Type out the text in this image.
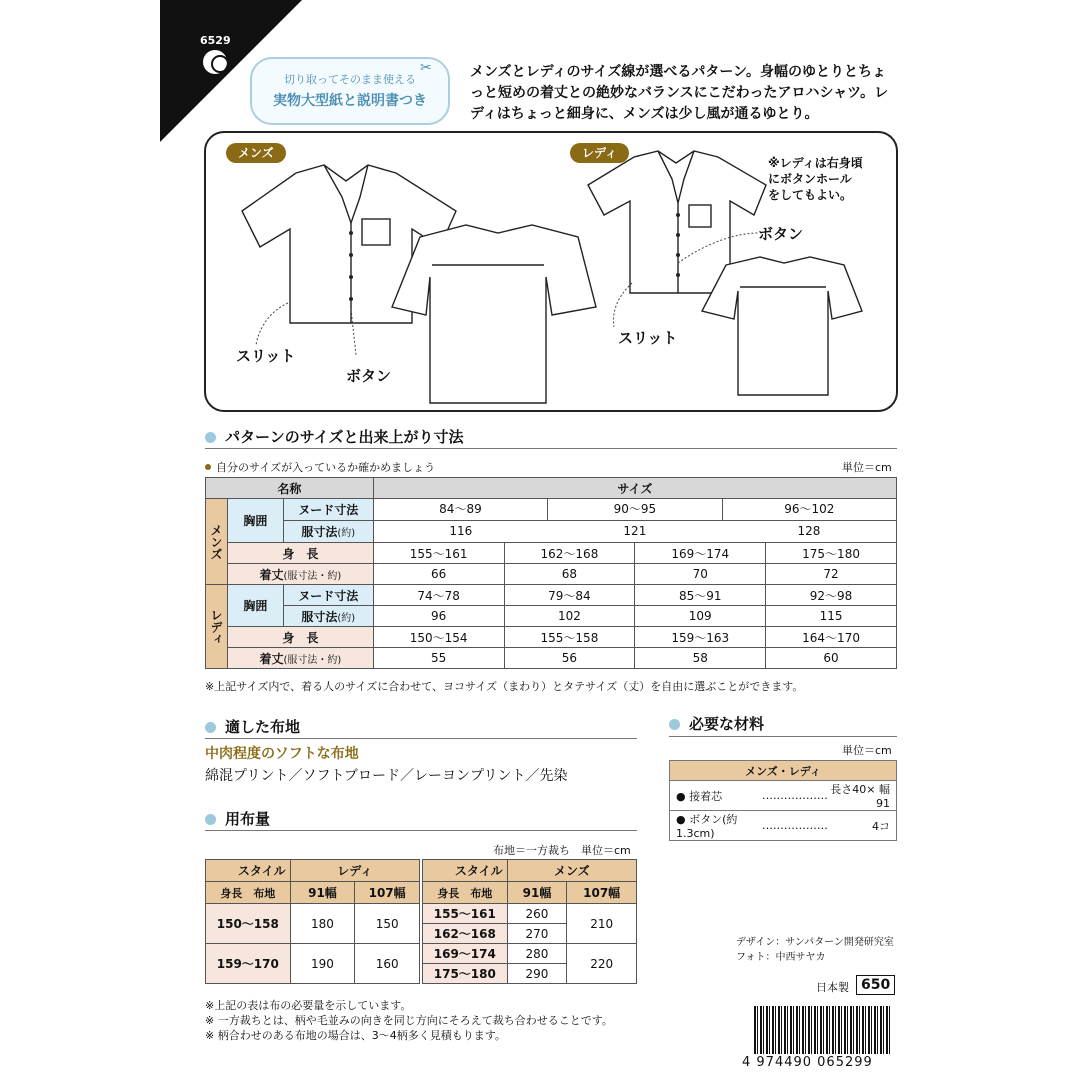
6529
切り取ってそのまま使える
実物大型紙と説明書つき
✂	メンズとレディのサイズ線が選べるパターン。身幅のゆとりとちょっと短めの着丈との絶妙なバランスにこだわったアロハシャツ。レディはちょっと細身に、メンズは少し風が通るゆとり。
メンズ	レディ
※レディは右身頃
にボタンホール
をしてもよい。
スリット
ボタン
ボタン
スリット
パターンのサイズと出来上がり寸法
自分のサイズが入っているか確かめましょう	単位＝cm
名称			サイズ			
メンズ	胸囲	ヌード寸法	84〜89 90〜95 96〜102			

		服寸法(約)	116 121 128			

	身　長		155〜161	162〜168	169〜174	175〜180
	着丈(服寸法・約)		66	68	70	72
レディ	胸囲	ヌード寸法	74〜78	79〜84	85〜91	92〜98
		服寸法(約)	96	102	109	115
	身　長		150〜154	155〜158	159〜163	164〜170
	着丈(服寸法・約)		55	56	58	60
※上記サイズ内で、着る人のサイズに合わせて、ヨコサイズ（まわり）とタテサイズ（丈）を自由に選ぶことができます。
適した布地
中肉程度のソフトな布地
綿混プリント／ソフトブロード／レーヨンプリント／先染
必要な材料
単位＝cm
メンズ・レディ		
● 接着芯	………………	長さ40× 幅91
● ボタン(約1.3cm)	………………	4コ
用布量
布地＝一方裁ち　単位＝cm
スタイル	レディ	
身長　 布地	91幅	107幅
150〜158	180	150
159〜170	190	160
スタイル	メンズ	
身長　 布地	91幅	107幅
155〜161	260	210
162〜168	270	
169〜174	280	220
175〜180	290	
※上記の表は布の必要量を示しています。
※ 一方裁ちとは、柄や毛並みの向きを同じ方向にそろえて裁ち合わせることです。
※ 柄合わせのある布地の場合は、3〜4柄多く見積もります。
デザイン：サンパターン開発研究室
フォト：中西サヤカ
日本製 650
4 974490 065299
